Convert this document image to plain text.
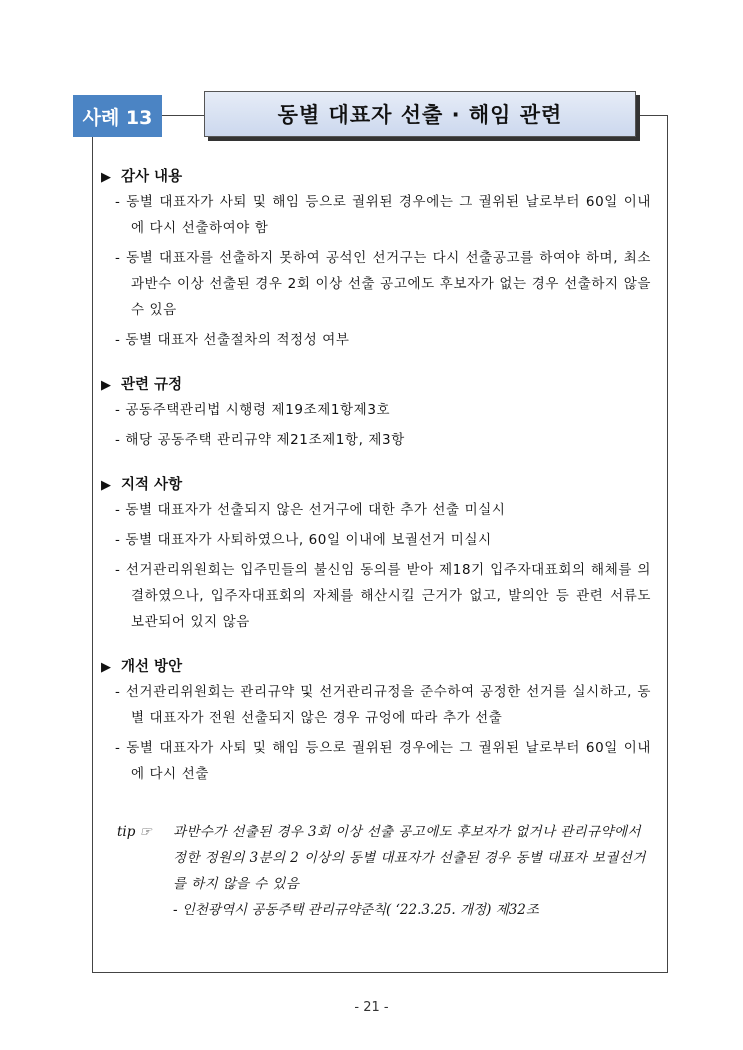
사례 13	동별 대표자 선출 · 해임 관련
▶ 감사 내용
- 동별 대표자가 사퇴 및 해임 등으로 궐위된 경우에는 그 궐위된 날로부터 60일 이내에 다시 선출하여야 함
- 동별 대표자를 선출하지 못하여 공석인 선거구는 다시 선출공고를 하여야 하며, 최소 과반수 이상 선출된 경우 2회 이상 선출 공고에도 후보자가 없는 경우 선출하지 않을 수 있음
- 동별 대표자 선출절차의 적정성 여부
▶ 관련 규정
- 공동주택관리법 시행령 제19조제1항제3호
- 해당 공동주택 관리규약 제21조제1항, 제3항
▶ 지적 사항
- 동별 대표자가 선출되지 않은 선거구에 대한 추가 선출 미실시
- 동별 대표자가 사퇴하였으나, 60일 이내에 보궐선거 미실시
- 선거관리위원회는 입주민들의 불신임 동의를 받아 제18기 입주자대표회의 해체를 의결하였으나, 입주자대표회의 자체를 해산시킬 근거가 없고, 발의안 등 관련 서류도 보관되어 있지 않음
▶ 개선 방안
- 선거관리위원회는 관리규약 및 선거관리규정을 준수하여 공정한 선거를 실시하고, 동별 대표자가 전원 선출되지 않은 경우 규엉에 따라 추가 선출
- 동별 대표자가 사퇴 및 해임 등으로 궐위된 경우에는 그 궐위된 날로부터 60일 이내에 다시 선출
tip ☞	과반수가 선출된 경우 3회 이상 선출 공고에도 후보자가 없거나 관리규약에서 정한 정원의 3분의 2 이상의 동별 대표자가 선출된 경우 동별 대표자 보궐선거를 하지 않을 수 있음
- 인천광역시 공동주택 관리규약준칙( ‘22.3.25. 개정) 제32조
- 21 -
